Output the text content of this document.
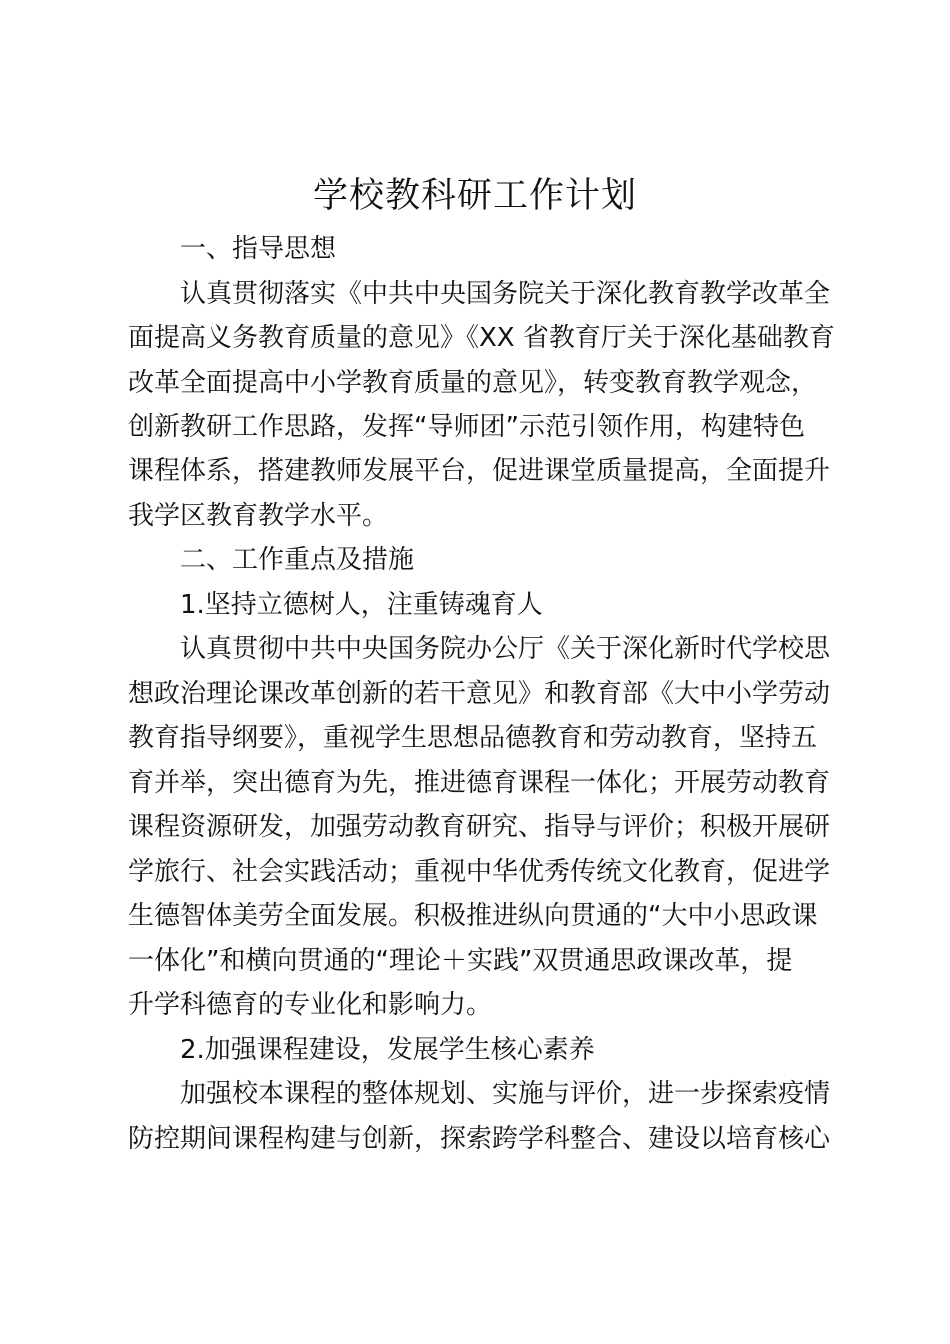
学校教科研工作计划

一、指导思想

认真贯彻落实《中共中央国务院关于深化教育教学改革全

面提高义务教育质量的意见》《XX 省教育厅关于深化基础教育

改革全面提高中小学教育质量的意见》，转变教育教学观念，

创新教研工作思路，发挥“导师团”示范引领作用，构建特色

课程体系，搭建教师发展平台，促进课堂质量提高，全面提升

我学区教育教学水平。

二、工作重点及措施

1.坚持立德树人，注重铸魂育人

认真贯彻中共中央国务院办公厅《关于深化新时代学校思

想政治理论课改革创新的若干意见》和教育部《大中小学劳动

教育指导纲要》，重视学生思想品德教育和劳动教育，坚持五

育并举，突出德育为先，推进德育课程一体化；开展劳动教育

课程资源研发，加强劳动教育研究、指导与评价；积极开展研

学旅行、社会实践活动；重视中华优秀传统文化教育，促进学

生德智体美劳全面发展。积极推进纵向贯通的“大中小思政课

一体化”和横向贯通的“理论＋实践”双贯通思政课改革，提

升学科德育的专业化和影响力。

2.加强课程建设，发展学生核心素养

加强校本课程的整体规划、实施与评价，进一步探索疫情

防控期间课程构建与创新，探索跨学科整合、建设以培育核心
